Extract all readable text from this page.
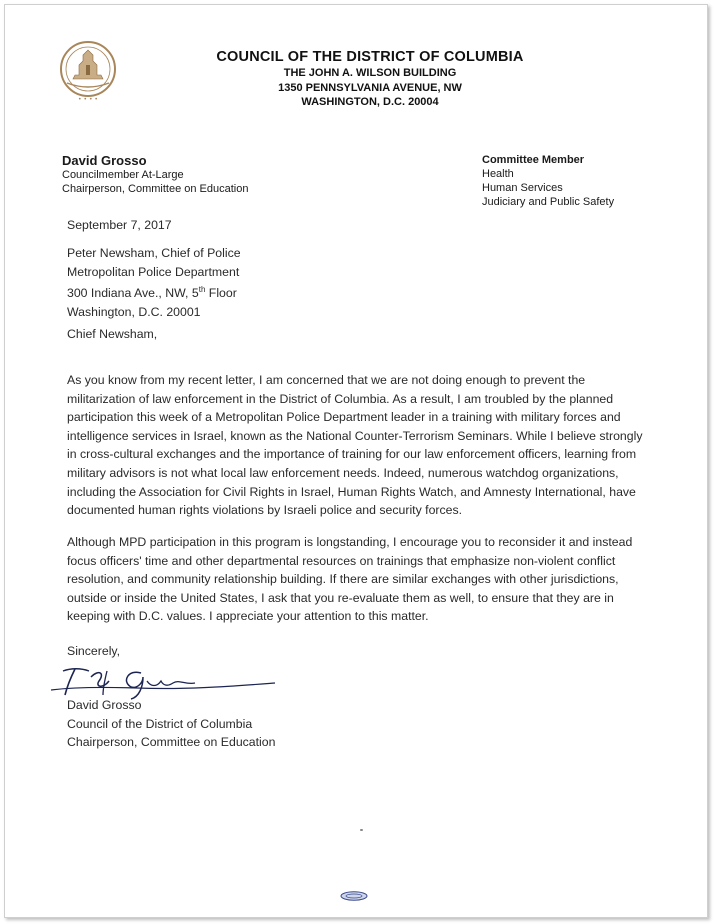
• • • •
COUNCIL OF THE DISTRICT OF COLUMBIA
THE JOHN A. WILSON BUILDING
1350 PENNSYLVANIA AVENUE, NW
WASHINGTON, D.C. 20004
David Grosso
Councilmember At-Large
Chairperson, Committee on Education
Committee Member
Health
Human Services
Judiciary and Public Safety
September 7, 2017
Peter Newsham, Chief of Police
Metropolitan Police Department
300 Indiana Ave., NW, 5th Floor
Washington, D.C. 20001
Chief Newsham,

As you know from my recent letter, I am concerned that we are not doing enough to prevent the

militarization of law enforcement in the District of Columbia. As a result, I am troubled by the planned

participation this week of a Metropolitan Police Department leader in a training with military forces and

intelligence services in Israel, known as the National Counter-Terrorism Seminars. While I believe strongly

in cross-cultural exchanges and the importance of training for our law enforcement officers, learning from

military advisors is not what local law enforcement needs. Indeed, numerous watchdog organizations,

including the Association for Civil Rights in Israel, Human Rights Watch, and Amnesty International, have

documented human rights violations by Israeli police and security forces.

Although MPD participation in this program is longstanding, I encourage you to reconsider it and instead

focus officers' time and other departmental resources on trainings that emphasize non-violent conflict

resolution, and community relationship building. If there are similar exchanges with other jurisdictions,

outside or inside the United States, I ask that you re-evaluate them as well, to ensure that they are in

keeping with D.C. values. I appreciate your attention to this matter.

Sincerely,
David Grosso
Council of the District of Columbia
Chairperson, Committee on Education
